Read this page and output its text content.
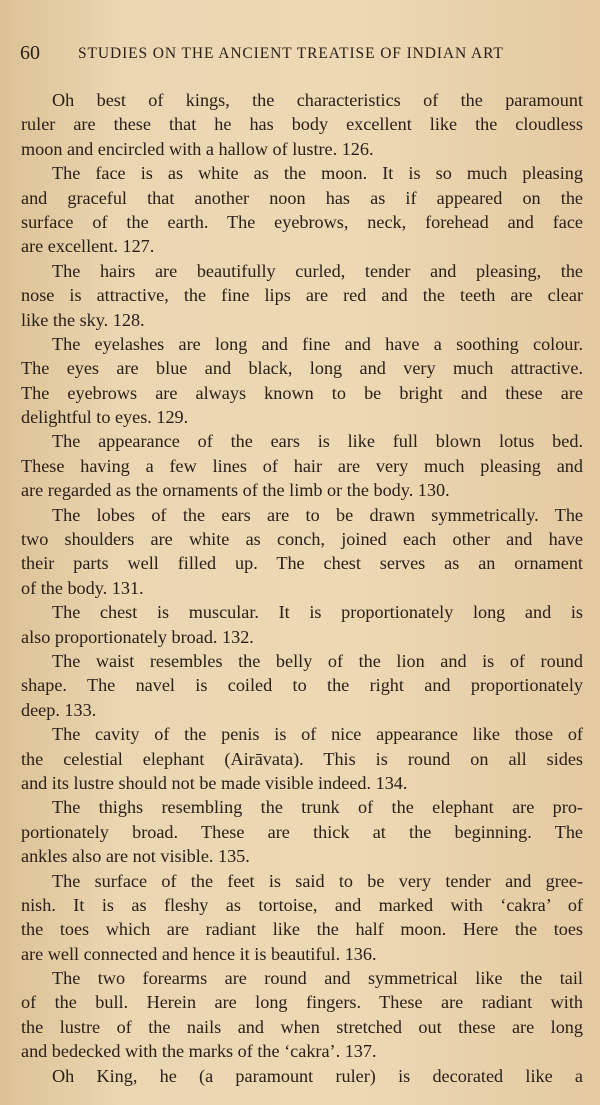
60 STUDIES ON THE ANCIENT TREATISE OF INDIAN ART
Oh best of kings, the characteristics of the paramount
ruler are these that he has body excellent like the cloudless
moon and encircled with a hallow of lustre. 126.
The face is as white as the moon. It is so much pleasing
and graceful that another noon has as if appeared on the
surface of the earth. The eyebrows, neck, forehead and face
are excellent. 127.
The hairs are beautifully curled, tender and pleasing, the
nose is attractive, the fine lips are red and the teeth are clear
like the sky. 128.
The eyelashes are long and fine and have a soothing colour.
The eyes are blue and black, long and very much attractive.
The eyebrows are always known to be bright and these are
delightful to eyes. 129.
The appearance of the ears is like full blown lotus bed.
These having a few lines of hair are very much pleasing and
are regarded as the ornaments of the limb or the body. 130.
The lobes of the ears are to be drawn symmetrically. The
two shoulders are white as conch, joined each other and have
their parts well filled up. The chest serves as an ornament
of the body. 131.
The chest is muscular. It is proportionately long and is
also proportionately broad. 132.
The waist resembles the belly of the lion and is of round
shape. The navel is coiled to the right and proportionately
deep. 133.
The cavity of the penis is of nice appearance like those of
the celestial elephant (Airāvata). This is round on all sides
and its lustre should not be made visible indeed. 134.
The thighs resembling the trunk of the elephant are pro-
portionately broad. These are thick at the beginning. The
ankles also are not visible. 135.
The surface of the feet is said to be very tender and gree-
nish. It is as fleshy as tortoise, and marked with ‘cakra’ of
the toes which are radiant like the half moon. Here the toes
are well connected and hence it is beautiful. 136.
The two forearms are round and symmetrical like the tail
of the bull. Herein are long fingers. These are radiant with
the lustre of the nails and when stretched out these are long
and bedecked with the marks of the ‘cakra’. 137.
Oh King, he (a paramount ruler) is decorated like a
